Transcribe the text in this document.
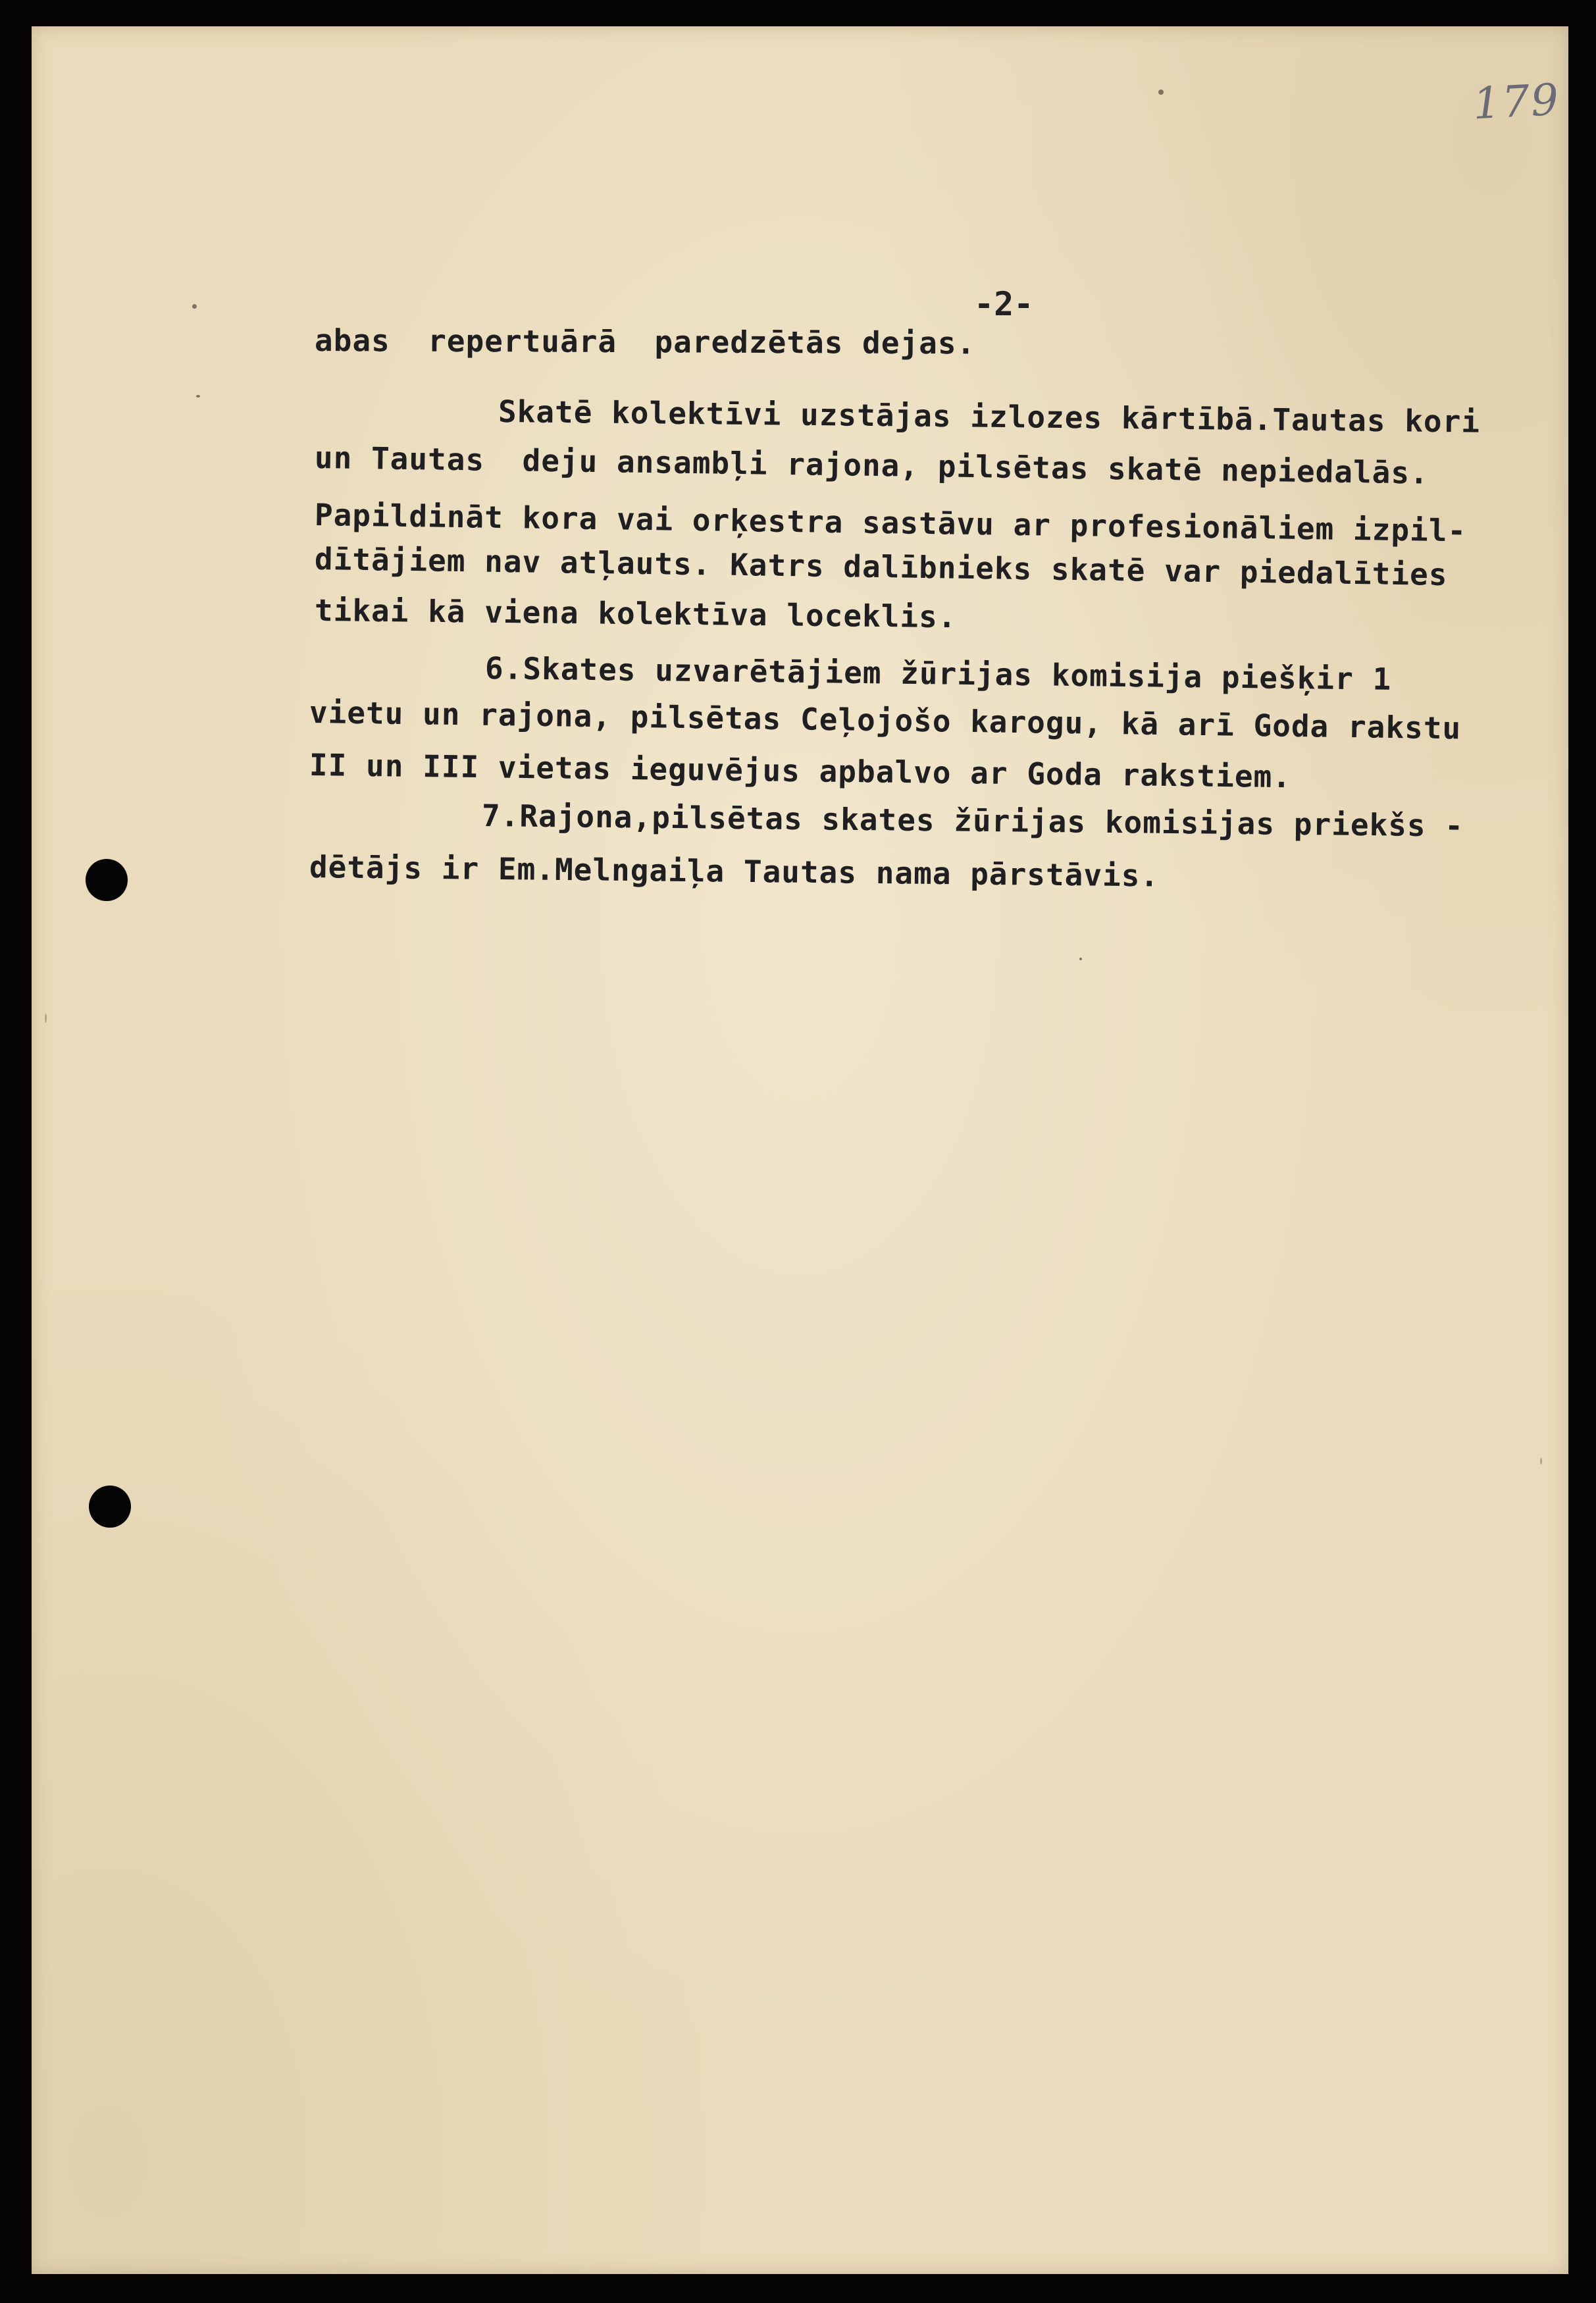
179
-2-
abas  repertuārā  paredzētās dejas.
Skatē kolektīvi uzstājas izlozes kārtībā.Tautas kori
un Tautas  deju ansambļi rajona, pilsētas skatē nepiedalās.
Papildināt kora vai orķestra sastāvu ar profesionāliem izpil-
dītājiem nav atļauts. Katrs dalībnieks skatē var piedalīties
tikai kā viena kolektīva loceklis.
6.Skates uzvarētājiem žūrijas komisija piešķir 1
vietu un rajona, pilsētas Ceļojošo karogu, kā arī Goda rakstu
II un III vietas ieguvējus apbalvo ar Goda rakstiem.
7.Rajona,pilsētas skates žūrijas komisijas priekšs -
dētājs ir Em.Melngaiļa Tautas nama pārstāvis.
